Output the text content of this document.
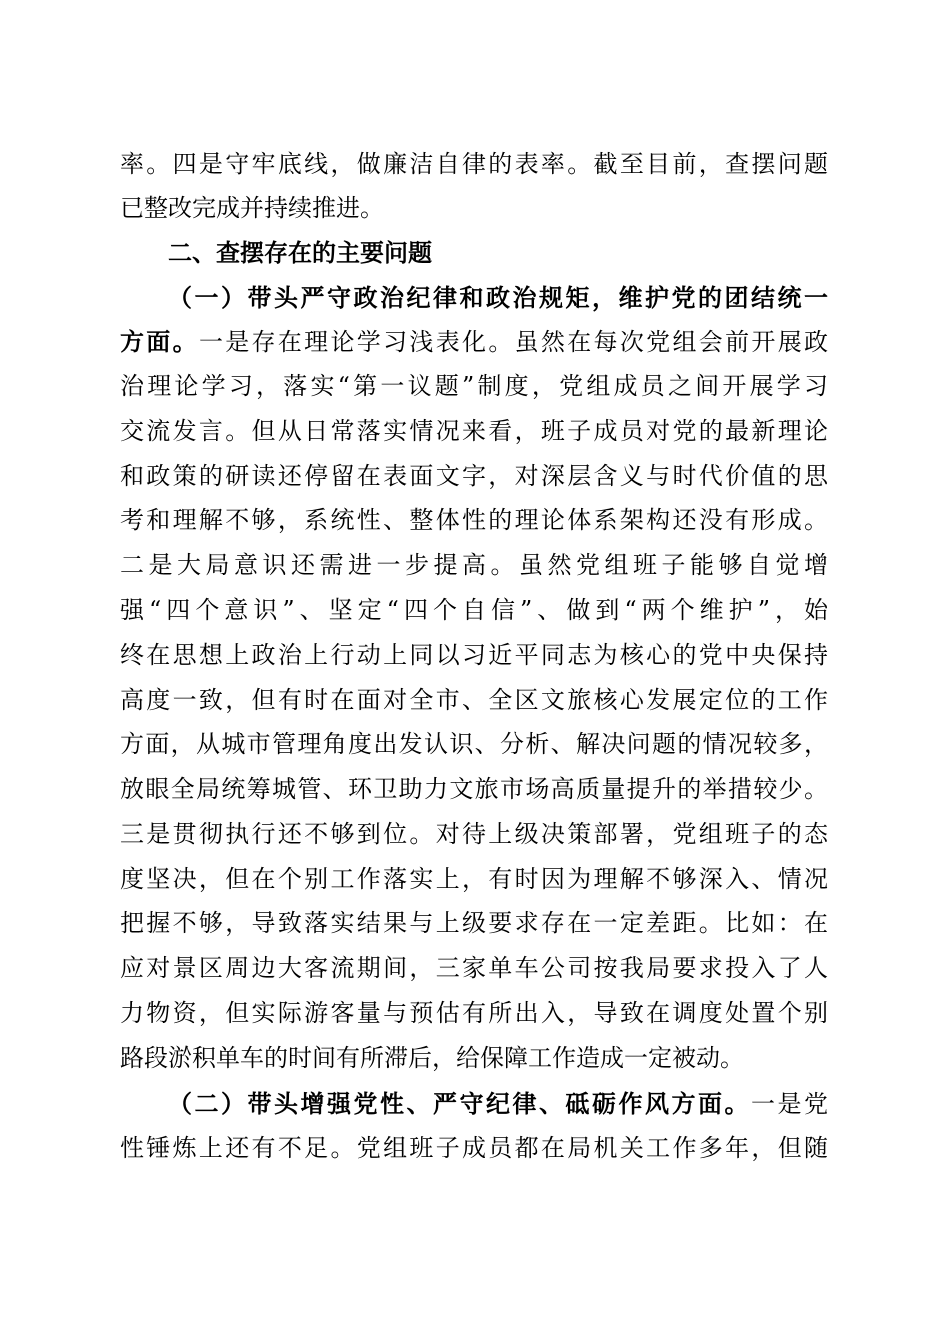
率。四是守牢底线，做廉洁自律的表率。截至目前，查摆问题
已整改完成并持续推进。
二、查摆存在的主要问题
（一）带头严守政治纪律和政治规矩，维护党的团结统一
方面。一是存在理论学习浅表化。虽然在每次党组会前开展政
治理论学习，落实“第一议题”制度，党组成员之间开展学习
交流发言。但从日常落实情况来看，班子成员对党的最新理论
和政策的研读还停留在表面文字，对深层含义与时代价值的思
考和理解不够，系统性、整体性的理论体系架构还没有形成。
二是大局意识还需进一步提高。虽然党组班子能够自觉增
强“四个意识”、坚定“四个自信”、做到“两个维护”，始
终在思想上政治上行动上同以习近平同志为核心的党中央保持
高度一致，但有时在面对全市、全区文旅核心发展定位的工作
方面，从城市管理角度出发认识、分析、解决问题的情况较多，
放眼全局统筹城管、环卫助力文旅市场高质量提升的举措较少。
三是贯彻执行还不够到位。对待上级决策部署，党组班子的态
度坚决，但在个别工作落实上，有时因为理解不够深入、情况
把握不够，导致落实结果与上级要求存在一定差距。比如：在
应对景区周边大客流期间，三家单车公司按我局要求投入了人
力物资，但实际游客量与预估有所出入，导致在调度处置个别
路段淤积单车的时间有所滞后，给保障工作造成一定被动。
（二）带头增强党性、严守纪律、砥砺作风方面。一是党
性锤炼上还有不足。党组班子成员都在局机关工作多年，但随
